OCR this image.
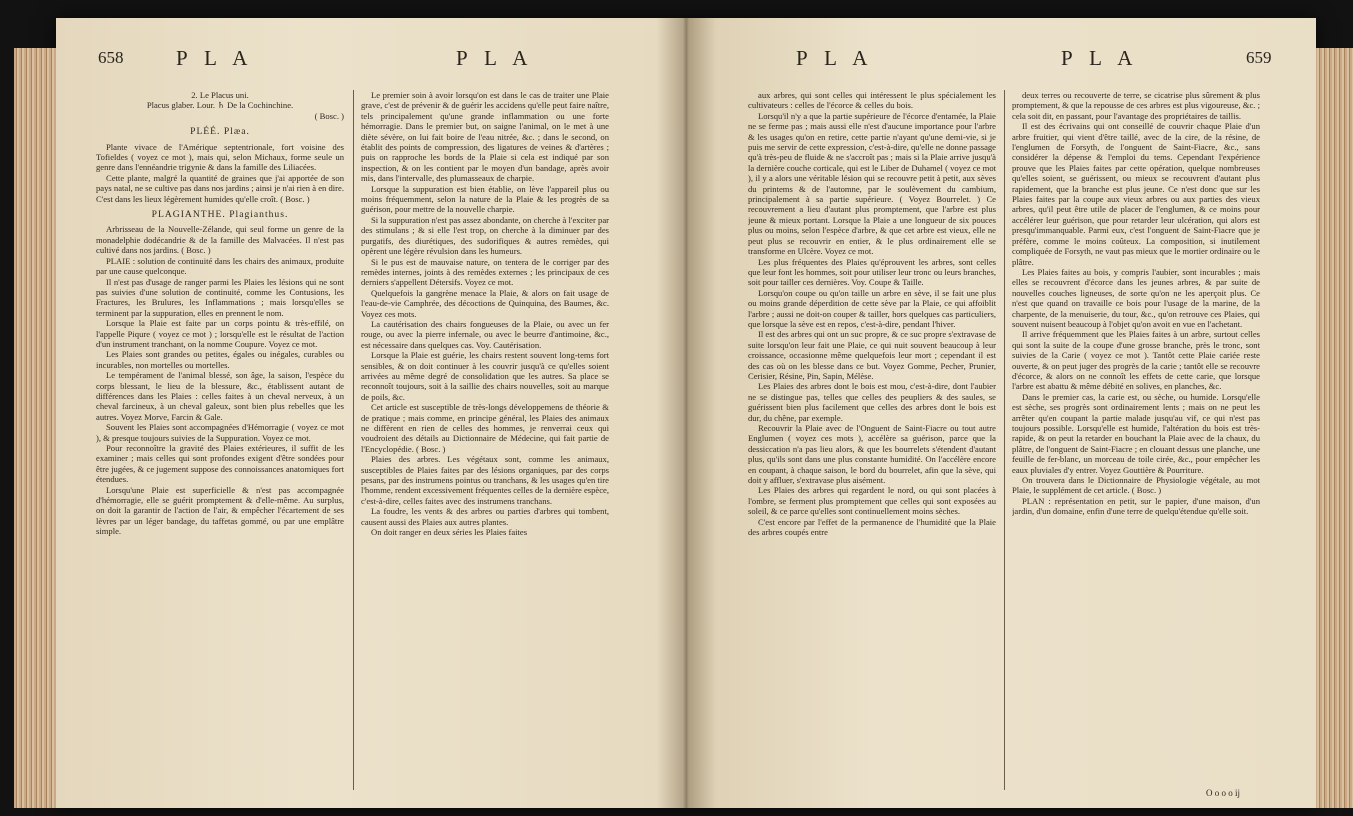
658	P L A	P L A

2. Le Placus uni.

Placus glaber. Lour. ♄ De la Cochinchine.

( Bosc. )

PLÉÉ. Plæa.

Plante vivace de l'Amérique septentrionale, fort voisine des Tofieldes ( voyez ce mot ), mais qui, selon Michaux, forme seule un genre dans l'ennéandrie trigynie & dans la famille des Liliacées.

Cette plante, malgré la quantité de graines que j'ai apportée de son pays natal, ne se cultive pas dans nos jardins ; ainsi je n'ai rien à en dire. C'est dans les lieux légèrement humides qu'elle croît. ( Bosc. )

PLAGIANTHE. Plagianthus.

Arbrisseau de la Nouvelle-Zélande, qui seul forme un genre de la monadelphie dodécandrie & de la famille des Malvacées. Il n'est pas cultivé dans nos jardins. ( Bosc. )

PLAIE : solution de continuité dans les chairs des animaux, produite par une cause quelconque.

Il n'est pas d'usage de ranger parmi les Plaies les lésions qui ne sont pas suivies d'une solution de continuité, comme les Contusions, les Fractures, les Brulures, les Inflammations ; mais lorsqu'elles se terminent par la suppuration, elles en prennent le nom.

Lorsque la Plaie est faite par un corps pointu & très-effilé, on l'appelle Piqure ( voyez ce mot ) ; lorsqu'elle est le résultat de l'action d'un instrument tranchant, on la nomme Coupure. Voyez ce mot.

Les Plaies sont grandes ou petites, égales ou inégales, curables ou incurables, non mortelles ou mortelles.

Le tempérament de l'animal blessé, son âge, la saison, l'espèce du corps blessant, le lieu de la blessure, &c., établissent autant de différences dans les Plaies : celles faites à un cheval nerveux, à un cheval farcineux, à un cheval galeux, sont bien plus rebelles que les autres. Voyez Morve, Farcin & Gale.

Souvent les Plaies sont accompagnées d'Hémorragie ( voyez ce mot ), & presque toujours suivies de la Suppuration. Voyez ce mot.

Pour reconnoître la gravité des Plaies extérieures, il suffit de les examiner ; mais celles qui sont profondes exigent d'être sondées pour être jugées, & ce jugement suppose des connoissances anatomiques fort étendues.

Lorsqu'une Plaie est superficielle & n'est pas accompagnée d'hémorragie, elle se guérit promptement & d'elle-même. Au surplus, on doit la garantir de l'action de l'air, & empêcher l'écartement de ses lèvres par un léger bandage, du taffetas gommé, ou par une emplâtre simple.

Le premier soin à avoir lorsqu'on est dans le cas de traiter une Plaie grave, c'est de prévenir & de guérir les accidens qu'elle peut faire naître, tels principalement qu'une grande inflammation ou une forte hémorragie. Dans le premier but, on saigne l'animal, on le met à une diète sévère, on lui fait boire de l'eau nitrée, &c. ; dans le second, on établit des points de compression, des ligatures de veines & d'artères ; puis on rapproche les bords de la Plaie si cela est indiqué par son inspection, & on les contient par le moyen d'un bandage, après avoir mis, dans l'intervalle, des plumasseaux de charpie.

Lorsque la suppuration est bien établie, on lève l'appareil plus ou moins fréquemment, selon la nature de la Plaie & les progrès de sa guérison, pour mettre de la nouvelle charpie.

Si la suppuration n'est pas assez abondante, on cherche à l'exciter par des stimulans ; & si elle l'est trop, on cherche à la diminuer par des purgatifs, des diurétiques, des sudorifiques & autres remèdes, qui opèrent une légère révulsion dans les humeurs.

Si le pus est de mauvaise nature, on tentera de le corriger par des remèdes internes, joints à des remèdes externes ; les principaux de ces derniers s'appellent Détersifs. Voyez ce mot.

Quelquefois la gangrène menace la Plaie, & alors on fait usage de l'eau-de-vie Camphrée, des décoctions de Quinquina, des Baumes, &c. Voyez ces mots.

La cautérisation des chairs fongueuses de la Plaie, ou avec un fer rouge, ou avec la pierre infernale, ou avec le beurre d'antimoine, &c., est nécessaire dans quelques cas. Voy. Cautérisation.

Lorsque la Plaie est guérie, les chairs restent souvent long-tems fort sensibles, & on doit continuer à les couvrir jusqu'à ce qu'elles soient arrivées au même degré de consolidation que les autres. Sa place se reconnoît toujours, soit à la saillie des chairs nouvelles, soit au marque de poils, &c.

Cet article est susceptible de très-longs développemens de théorie & de pratique ; mais comme, en principe général, les Plaies des animaux ne diffèrent en rien de celles des hommes, je renverrai ceux qui voudroient des détails au Dictionnaire de Médecine, qui fait partie de l'Encyclopédie. ( Bosc. )

Plaies des arbres. Les végétaux sont, comme les animaux, susceptibles de Plaies faites par des lésions organiques, par des corps pesans, par des instrumens pointus ou tranchans, & les usages qu'en tire l'homme, rendent excessivement fréquentes celles de la dernière espèce, c'est-à-dire, celles faites avec des instrumens tranchans.

La foudre, les vents & des arbres ou parties d'arbres qui tombent, causent aussi des Plaies aux autres plantes.

On doit ranger en deux séries les Plaies faites

P L A	P L A	659

aux arbres, qui sont celles qui intéressent le plus spécialement les cultivateurs : celles de l'écorce & celles du bois.

Lorsqu'il n'y a que la partie supérieure de l'écorce d'entamée, la Plaie ne se ferme pas ; mais aussi elle n'est d'aucune importance pour l'arbre & les usages qu'on en retire, cette partie n'ayant qu'une demi-vie, si je puis me servir de cette expression, c'est-à-dire, qu'elle ne donne passage qu'à très-peu de fluide & ne s'accroît pas ; mais si la Plaie arrive jusqu'à la dernière couche corticale, qui est le Liber de Duhamel ( voyez ce mot ), il y a alors une véritable lésion qui se recouvre petit à petit, aux sèves du printems & de l'automne, par le soulèvement du cambium, principalement à sa partie supérieure. ( Voyez Bourrelet. ) Ce recouvrement a lieu d'autant plus promptement, que l'arbre est plus jeune & mieux portant. Lorsque la Plaie a une longueur de six pouces plus ou moins, selon l'espèce d'arbre, & que cet arbre est vieux, elle ne peut plus se recouvrir en entier, & le plus ordinairement elle se transforme en Ulcère. Voyez ce mot.

Les plus fréquentes des Plaies qu'éprouvent les arbres, sont celles que leur font les hommes, soit pour utiliser leur tronc ou leurs branches, soit pour tailler ces dernières. Voy. Coupe & Taille.

Lorsqu'on coupe ou qu'on taille un arbre en sève, il se fait une plus ou moins grande déperdition de cette sève par la Plaie, ce qui affoiblit l'arbre ; aussi ne doit-on couper & tailler, hors quelques cas particuliers, que lorsque la sève est en repos, c'est-à-dire, pendant l'hiver.

Il est des arbres qui ont un suc propre, & ce suc propre s'extravase de suite lorsqu'on leur fait une Plaie, ce qui nuit souvent beaucoup à leur croissance, occasionne même quelquefois leur mort ; cependant il est des cas où on les blesse dans ce but. Voyez Gomme, Pecher, Prunier, Cerisier, Résine, Pin, Sapin, Mélèse.

Les Plaies des arbres dont le bois est mou, c'est-à-dire, dont l'aubier ne se distingue pas, telles que celles des peupliers & des saules, se guérissent bien plus facilement que celles des arbres dont le bois est dur, du chêne, par exemple.

Recouvrir la Plaie avec de l'Onguent de Saint-Fiacre ou tout autre Englumen ( voyez ces mots ), accélère sa guérison, parce que la dessiccation n'a pas lieu alors, & que les bourrelets s'étendent d'autant plus, qu'ils sont dans une plus constante humidité. On l'accélère encore en coupant, à chaque saison, le bord du bourrelet, afin que la sève, qui doit y affluer, s'extravase plus aisément.

Les Plaies des arbres qui regardent le nord, ou qui sont placées à l'ombre, se ferment plus promptement que celles qui sont exposées au soleil, & ce parce qu'elles sont continuellement moins sèches.

C'est encore par l'effet de la permanence de l'humidité que la Plaie des arbres coupés entre

deux terres ou recouverte de terre, se cicatrise plus sûrement & plus promptement, & que la repousse de ces arbres est plus vigoureuse, &c. ; cela soit dit, en passant, pour l'avantage des propriétaires de taillis.

Il est des écrivains qui ont conseillé de couvrir chaque Plaie d'un arbre fruitier, qui vient d'être taillé, avec de la cire, de la résine, de l'englumen de Forsyth, de l'onguent de Saint-Fiacre, &c., sans considérer la dépense & l'emploi du tems. Cependant l'expérience prouve que les Plaies faites par cette opération, quelque nombreuses qu'elles soient, se guérissent, ou mieux se recouvrent d'autant plus rapidement, que la branche est plus jeune. Ce n'est donc que sur les Plaies faites par la coupe aux vieux arbres ou aux parties des vieux arbres, qu'il peut être utile de placer de l'englumen, & ce moins pour accélérer leur guérison, que pour retarder leur ulcération, qui alors est presqu'immanquable. Parmi eux, c'est l'onguent de Saint-Fiacre que je préfère, comme le moins coûteux. La composition, si inutilement compliquée de Forsyth, ne vaut pas mieux que le mortier ordinaire ou le plâtre.

Les Plaies faites au bois, y compris l'aubier, sont incurables ; mais elles se recouvrent d'écorce dans les jeunes arbres, & par suite de nouvelles couches ligneuses, de sorte qu'on ne les aperçoit plus. Ce n'est que quand on travaille ce bois pour l'usage de la marine, de la charpente, de la menuiserie, du tour, &c., qu'on retrouve ces Plaies, qui souvent nuisent beaucoup à l'objet qu'on avoit en vue en l'achetant.

Il arrive fréquemment que les Plaies faites à un arbre, surtout celles qui sont la suite de la coupe d'une grosse branche, près le tronc, sont suivies de la Carie ( voyez ce mot ). Tantôt cette Plaie cariée reste ouverte, & on peut juger des progrès de la carie ; tantôt elle se recouvre d'écorce, & alors on ne connoît les effets de cette carie, que lorsque l'arbre est abattu & même débité en solives, en planches, &c.

Dans le premier cas, la carie est, ou sèche, ou humide. Lorsqu'elle est sèche, ses progrès sont ordinairement lents ; mais on ne peut les arrêter qu'en coupant la partie malade jusqu'au vif, ce qui n'est pas toujours possible. Lorsqu'elle est humide, l'altération du bois est très-rapide, & on peut la retarder en bouchant la Plaie avec de la chaux, du plâtre, de l'onguent de Saint-Fiacre ; en clouant dessus une planche, une feuille de fer-blanc, un morceau de toile cirée, &c., pour empêcher les eaux pluviales d'y entrer. Voyez Gouttière & Pourriture.

On trouvera dans le Dictionnaire de Physiologie végétale, au mot Plaie, le supplément de cet article. ( Bosc. )

PLAN : représentation en petit, sur le papier, d'une maison, d'un jardin, d'un domaine, enfin d'une terre de quelqu'étendue qu'elle soit.

O o o o ij
